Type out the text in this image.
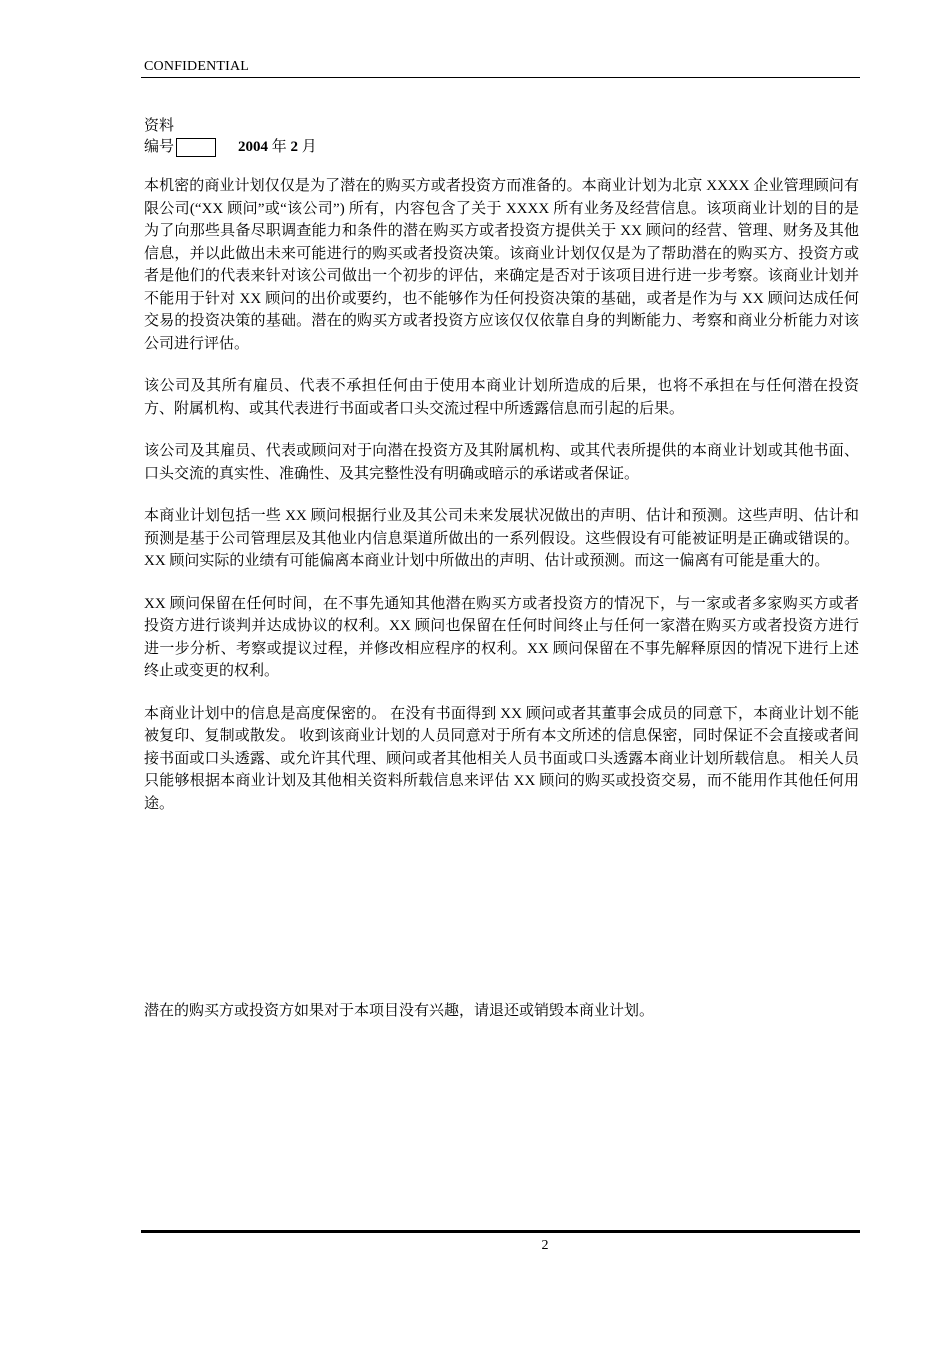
CONFIDENTIAL
资料
编号	2004 年 2 月

本机密的商业计划仅仅是为了潜在的购买方或者投资方而准备的。本商业计划为北京 XXXX 企业管理顾问有限公司(“XX 顾问”或“该公司”) 所有，内容包含了关于 XXXX 所有业务及经营信息。该项商业计划的目的是为了向那些具备尽职调查能力和条件的潜在购买方或者投资方提供关于 XX 顾问的经营、管理、财务及其他信息，并以此做出未来可能进行的购买或者投资决策。该商业计划仅仅是为了帮助潜在的购买方、投资方或者是他们的代表来针对该公司做出一个初步的评估，来确定是否对于该项目进行进一步考察。该商业计划并不能用于针对 XX 顾问的出价或要约，也不能够作为任何投资决策的基础，或者是作为与 XX 顾问达成任何交易的投资决策的基础。潜在的购买方或者投资方应该仅仅依靠自身的判断能力、考察和商业分析能力对该公司进行评估。

该公司及其所有雇员、代表不承担任何由于使用本商业计划所造成的后果，也将不承担在与任何潜在投资方、附属机构、或其代表进行书面或者口头交流过程中所透露信息而引起的后果。

该公司及其雇员、代表或顾问对于向潜在投资方及其附属机构、或其代表所提供的本商业计划或其他书面、口头交流的真实性、准确性、及其完整性没有明确或暗示的承诺或者保证。

本商业计划包括一些 XX 顾问根据行业及其公司未来发展状况做出的声明、估计和预测。这些声明、估计和预测是基于公司管理层及其他业内信息渠道所做出的一系列假设。这些假设有可能被证明是正确或错误的。XX 顾问实际的业绩有可能偏离本商业计划中所做出的声明、估计或预测。而这一偏离有可能是重大的。

XX 顾问保留在任何时间，在不事先通知其他潜在购买方或者投资方的情况下，与一家或者多家购买方或者投资方进行谈判并达成协议的权利。XX 顾问也保留在任何时间终止与任何一家潜在购买方或者投资方进行进一步分析、考察或提议过程，并修改相应程序的权利。XX 顾问保留在不事先解释原因的情况下进行上述终止或变更的权利。

本商业计划中的信息是高度保密的。 在没有书面得到 XX 顾问或者其董事会成员的同意下，本商业计划不能被复印、复制或散发。 收到该商业计划的人员同意对于所有本文所述的信息保密，同时保证不会直接或者间接书面或口头透露、或允许其代理、顾问或者其他相关人员书面或口头透露本商业计划所载信息。 相关人员只能够根据本商业计划及其他相关资料所载信息来评估 XX 顾问的购买或投资交易，而不能用作其他任何用途。

潜在的购买方或投资方如果对于本项目没有兴趣，请退还或销毁本商业计划。
2
